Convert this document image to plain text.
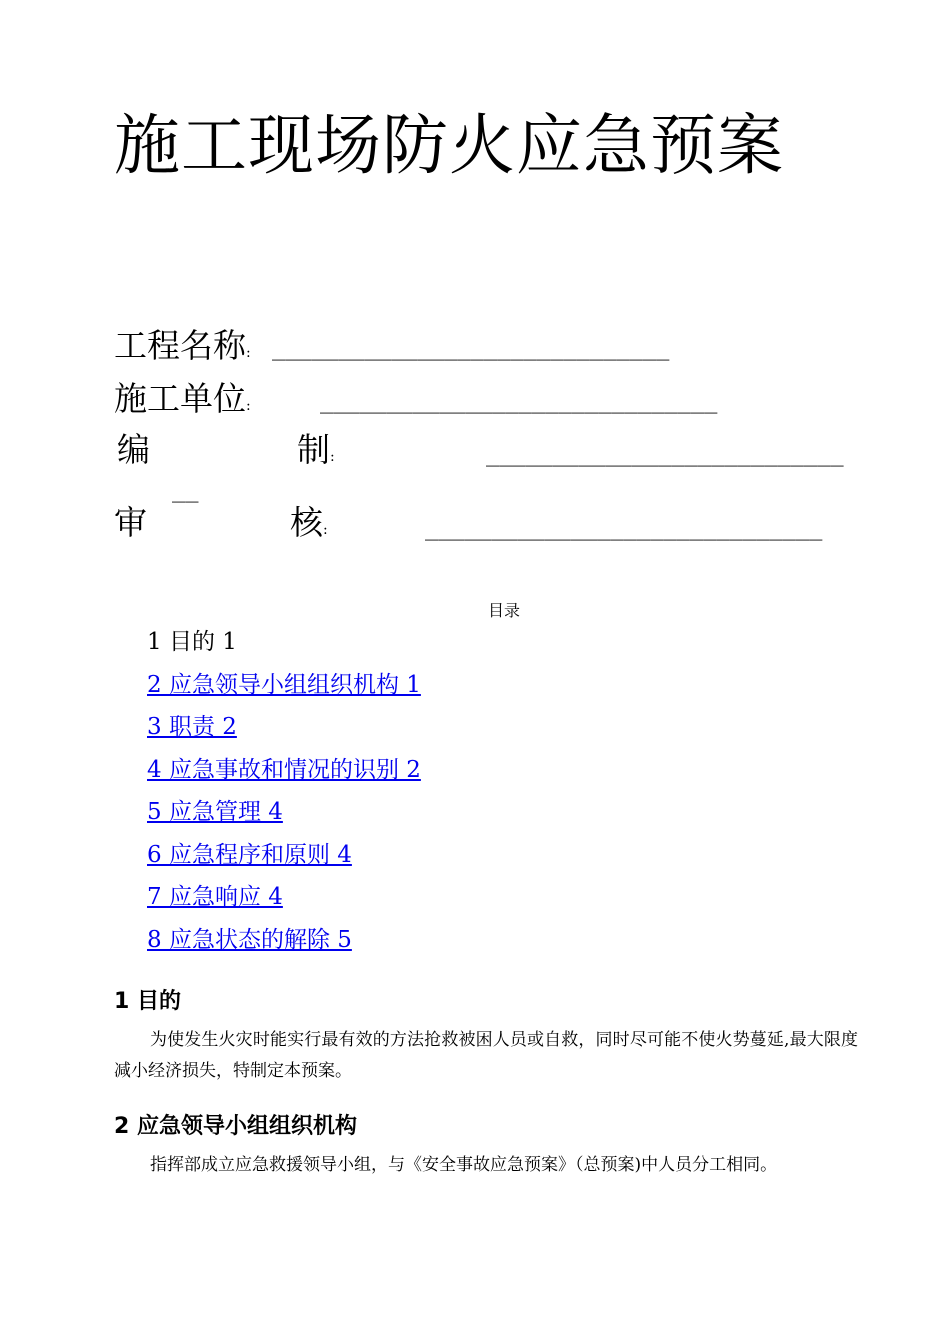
施工现场防火应急预案
工程名称: ______________________________
施工单位:	______________________________
编	制:	___________________________
__
审	核:	______________________________
目录
1 目的 1
2 应急领导小组组织机构 1
3 职责 2
4 应急事故和情况的识别 2
5 应急管理 4
6 应急程序和原则 4
7 应急响应 4
8 应急状态的解除 5
1 目的
为使发生火灾时能实行最有效的方法抢救被困人员或自救，同时尽可能不使火势蔓延,最大限度减小经济损失，特制定本预案。
2 应急领导小组组织机构
指挥部成立应急救援领导小组，与《安全事故应急预案》（总预案)中人员分工相同。
